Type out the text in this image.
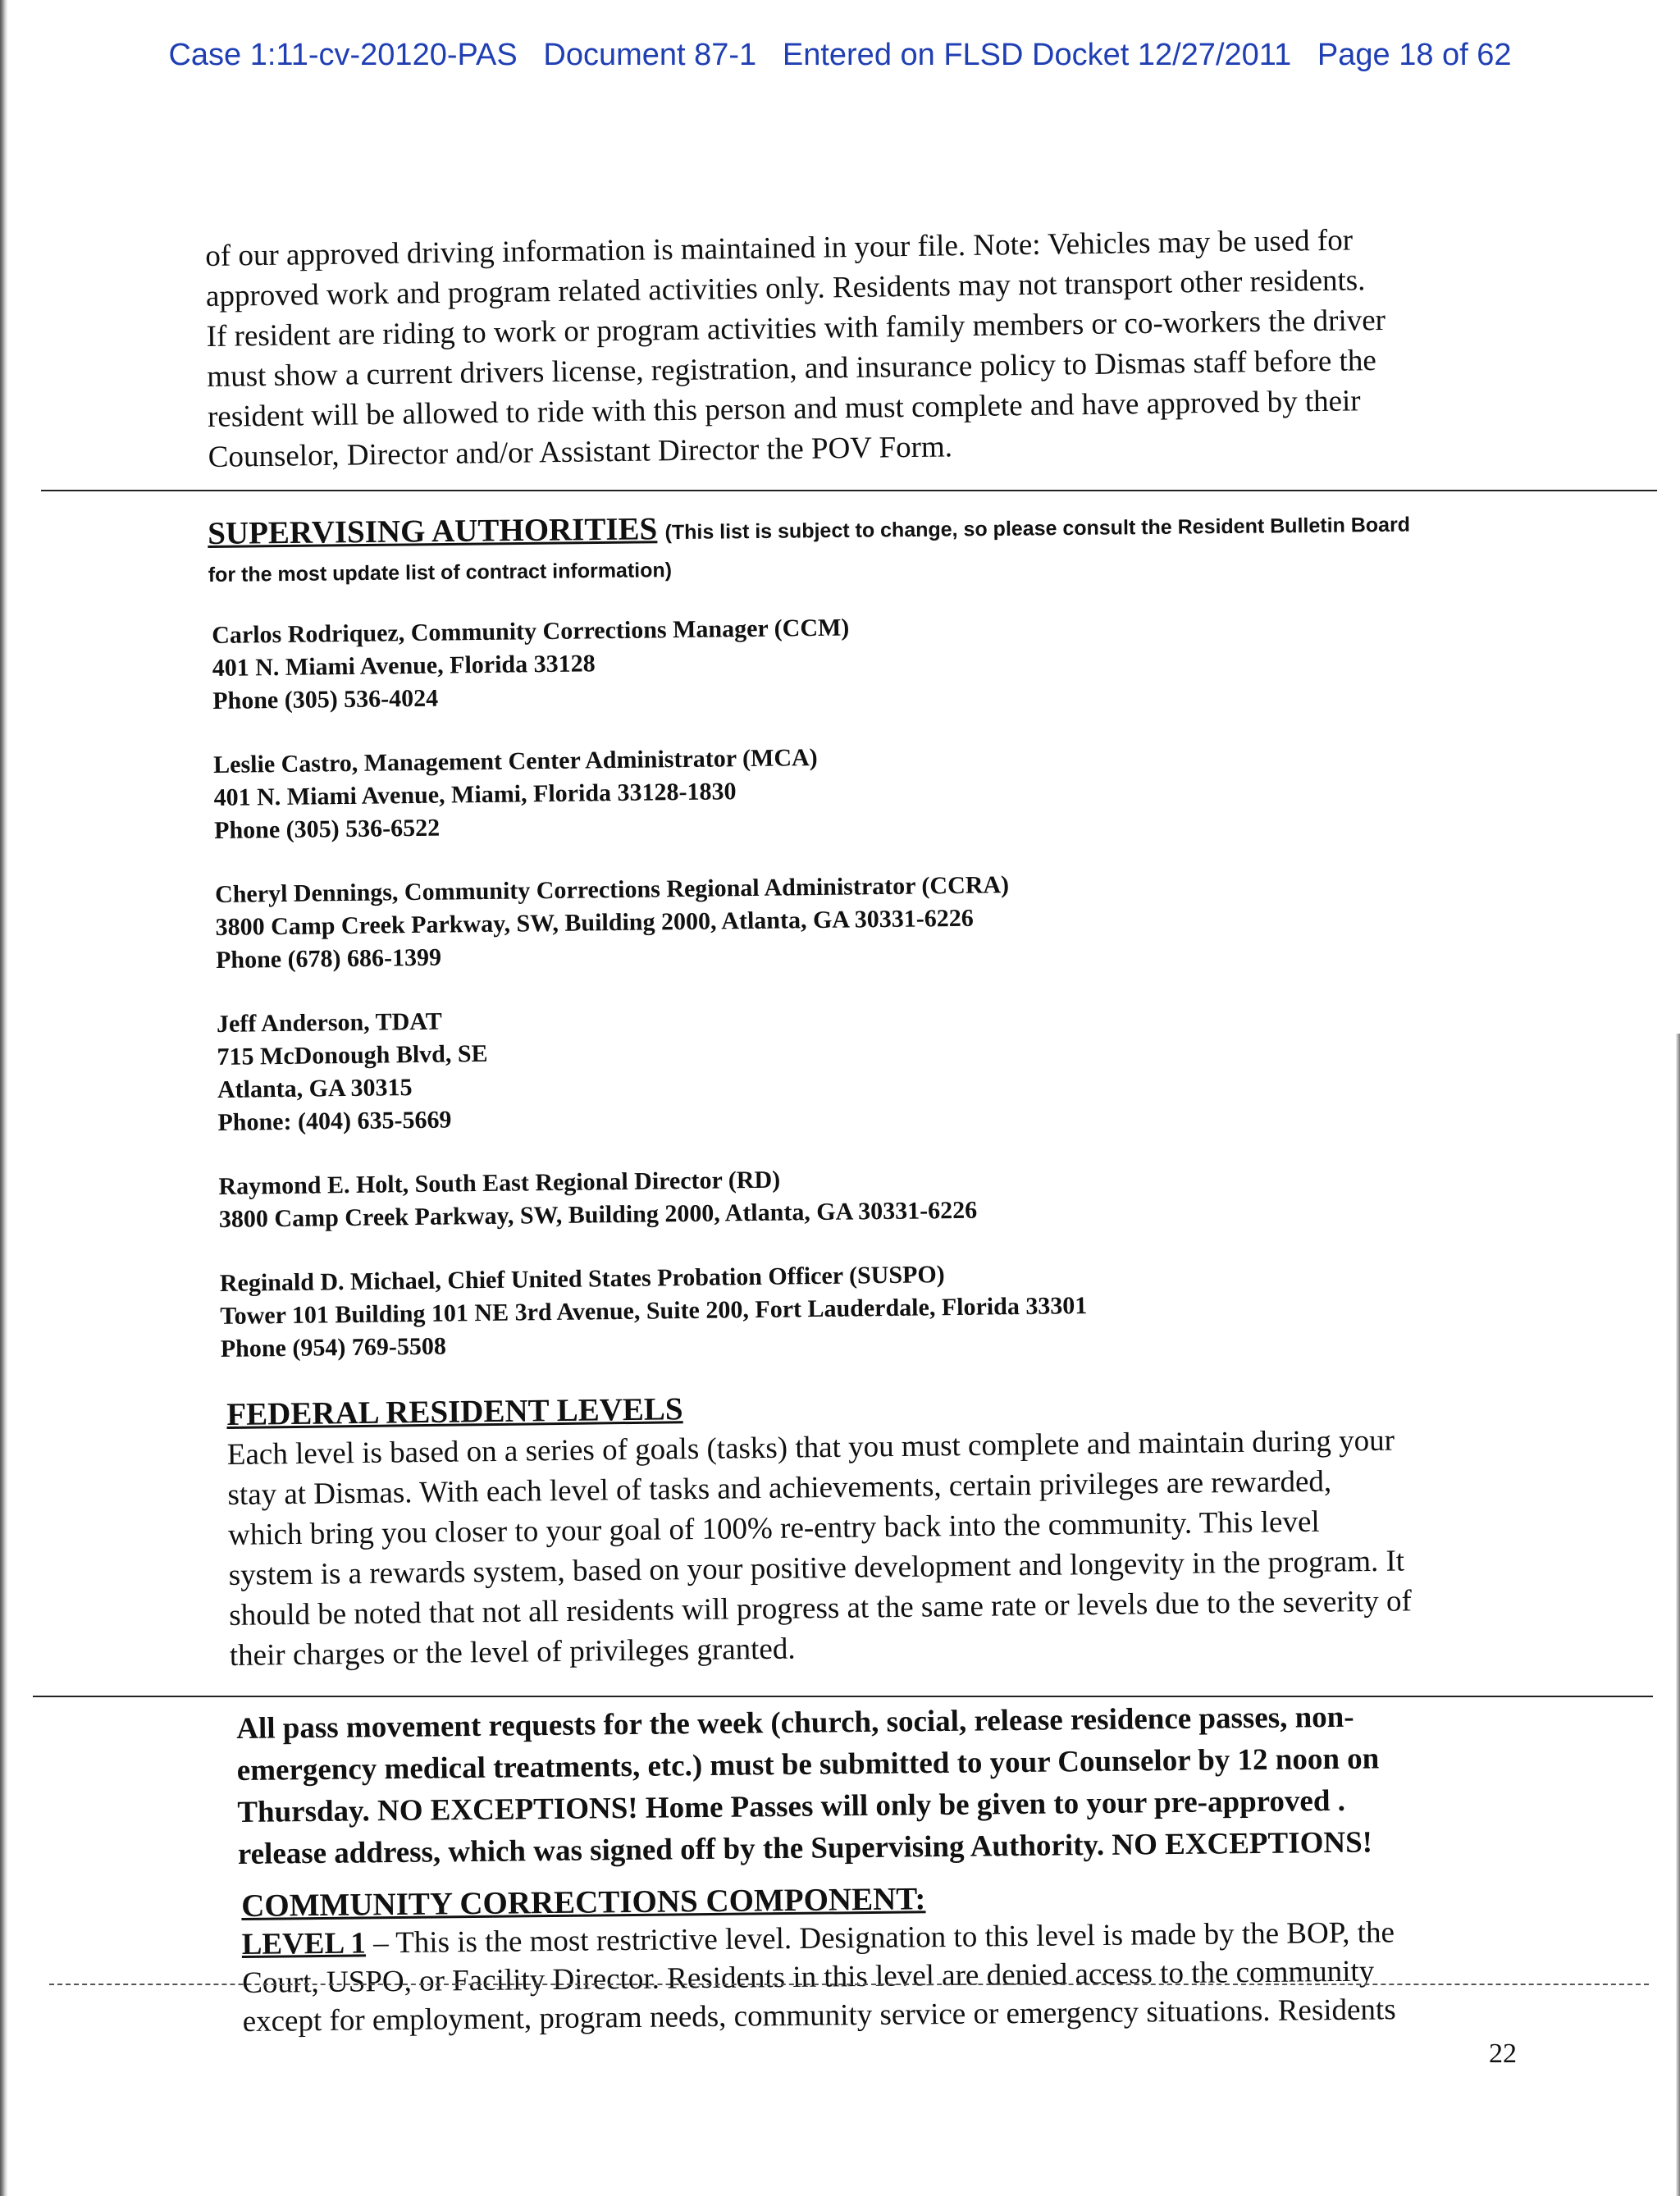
Case 1:11-cv-20120-PAS   Document 87-1   Entered on FLSD Docket 12/27/2011   Page 18 of 62
of our approved driving information is maintained in your file. Note: Vehicles may be used for
approved work and program related activities only. Residents may not transport other residents.
If resident are riding to work or program activities with family members or co-workers the driver
must show a current drivers license, registration, and insurance policy to Dismas staff before the
resident will be allowed to ride with this person and must complete and have approved by their
Counselor, Director and/or Assistant Director the POV Form.
SUPERVISING AUTHORITIES (This list is subject to change, so please consult the Resident Bulletin Board
for the most update list of contract information)
Carlos Rodriquez, Community Corrections Manager (CCM)
401 N. Miami Avenue, Florida 33128
Phone (305) 536-4024
Leslie Castro, Management Center Administrator (MCA)
401 N. Miami Avenue, Miami, Florida 33128-1830
Phone (305) 536-6522
Cheryl Dennings, Community Corrections Regional Administrator (CCRA)
3800 Camp Creek Parkway, SW, Building 2000, Atlanta, GA 30331-6226
Phone (678) 686-1399
Jeff Anderson, TDAT
715 McDonough Blvd, SE
Atlanta, GA 30315
Phone: (404) 635-5669
Raymond E. Holt, South East Regional Director (RD)
3800 Camp Creek Parkway, SW, Building 2000, Atlanta, GA 30331-6226
Reginald D. Michael, Chief United States Probation Officer (SUSPO)
Tower 101 Building 101 NE 3rd Avenue, Suite 200, Fort Lauderdale, Florida 33301
Phone (954) 769-5508
FEDERAL RESIDENT LEVELS
Each level is based on a series of goals (tasks) that you must complete and maintain during your
stay at Dismas. With each level of tasks and achievements, certain privileges are rewarded,
which bring you closer to your goal of 100% re-entry back into the community. This level
system is a rewards system, based on your positive development and longevity in the program. It
should be noted that not all residents will progress at the same rate or levels due to the severity of
their charges or the level of privileges granted.
All pass movement requests for the week (church, social, release residence passes, non-
emergency medical treatments, etc.) must be submitted to your Counselor by 12 noon on
Thursday. NO EXCEPTIONS! Home Passes will only be given to your pre-approved .
release address, which was signed off by the Supervising Authority. NO EXCEPTIONS!
COMMUNITY CORRECTIONS COMPONENT:
LEVEL 1 – This is the most restrictive level. Designation to this level is made by the BOP, the
Court, USPO, or Facility Director. Residents in this level are denied access to the community
except for employment, program needs, community service or emergency situations. Residents
22
